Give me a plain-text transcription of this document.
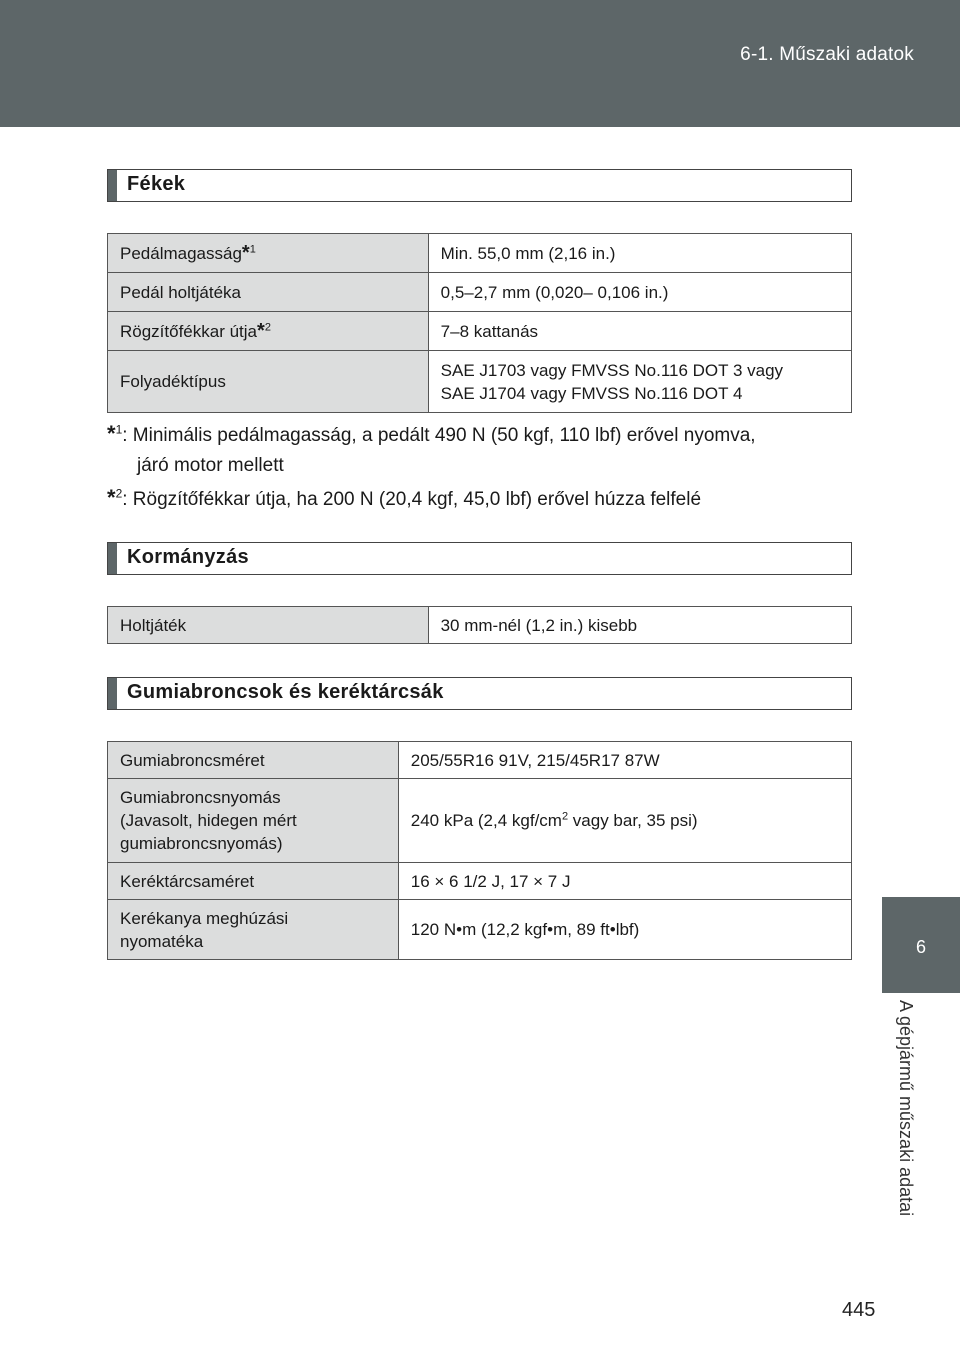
6-1. Műszaki adatok
6
A gépjármű műszaki adatai
Fékek
Pedálmagasság*$^1$	Min. 55,0 mm (2,16 in.)
Pedál holtjátéka	0,5–2,7 mm (0,020– 0,106 in.)
Rögzítőfékkar útja*$^2$	7–8 kattanás
Folyadéktípus	SAE J1703 vagy FMVSS No.116 DOT 3 vagy
SAE J1704 vagy FMVSS No.116 DOT 4
*$^1$: Minimális pedálmagasság, a pedált 490 N (50 kgf, 110 lbf) erővel nyomva,
járó motor mellett
*$^2$: Rögzítőfékkar útja, ha 200 N (20,4 kgf, 45,0 lbf) erővel húzza felfelé
Kormányzás
Holtjáték	30 mm-nél (1,2 in.) kisebb
Gumiabroncsok és keréktárcsák
Gumiabroncsméret	205/55R16 91V, 215/45R17 87W

Gumiabroncsnyomás
(Javasolt, hidegen mért
gumiabroncsnyomás)	240 kPa (2,4 kgf/$cm^2$ vagy bar, 35 psi)
Keréktárcsaméret	16 × 6 1/2 J, 17 × 7 J

Kerékanya meghúzási
nyomatéka	120 N•m (12,2 kgf•m, 89 ft•lbf)
445
